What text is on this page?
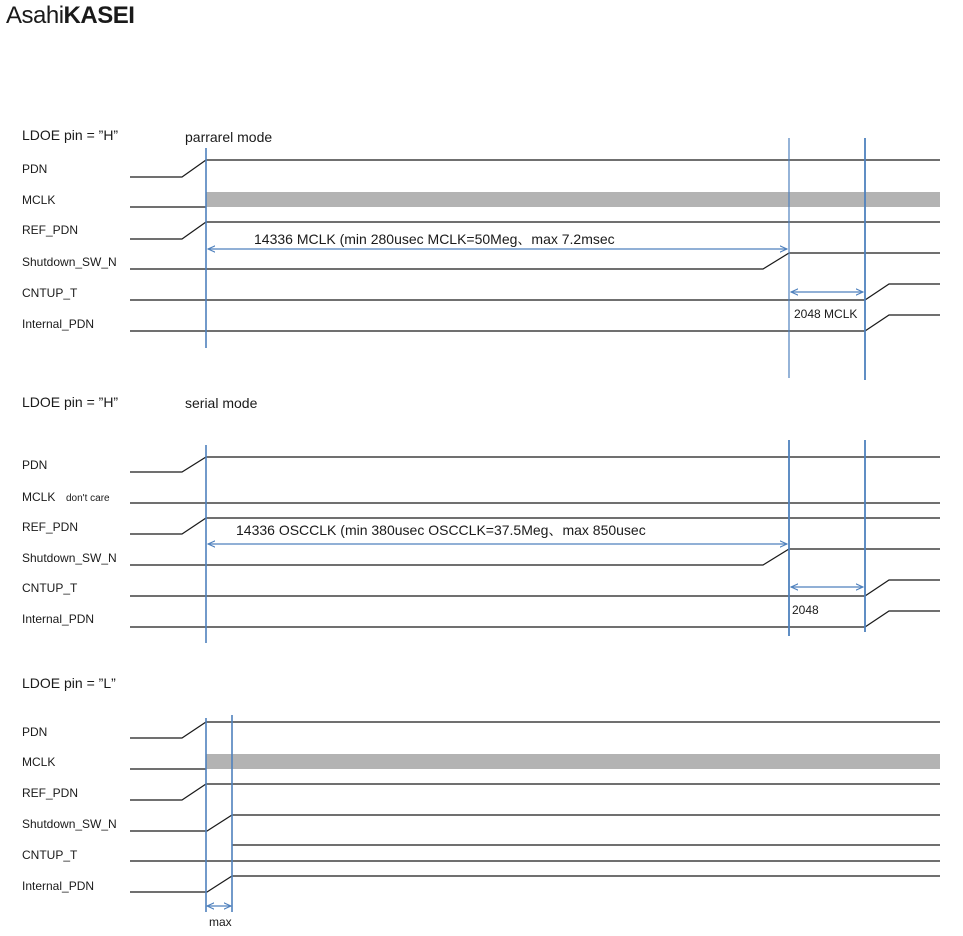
AsahiKASEI
LDOE pin = ”H”	parrarel mode
PDN
MCLK
REF_PDN
Shutdown_SW_N
CNTUP_T
Internal_PDN
14336 MCLK (min 280usec MCLK=50Meg、max 7.2msec
2048 MCLK
LDOE pin = ”H”	serial mode
PDN
MCLK don't care
REF_PDN
Shutdown_SW_N
CNTUP_T
Internal_PDN
14336 OSCCLK (min 380usec OSCCLK=37.5Meg、max 850usec
2048
LDOE pin = ”L”
PDN
MCLK
REF_PDN
Shutdown_SW_N
CNTUP_T
Internal_PDN
max
